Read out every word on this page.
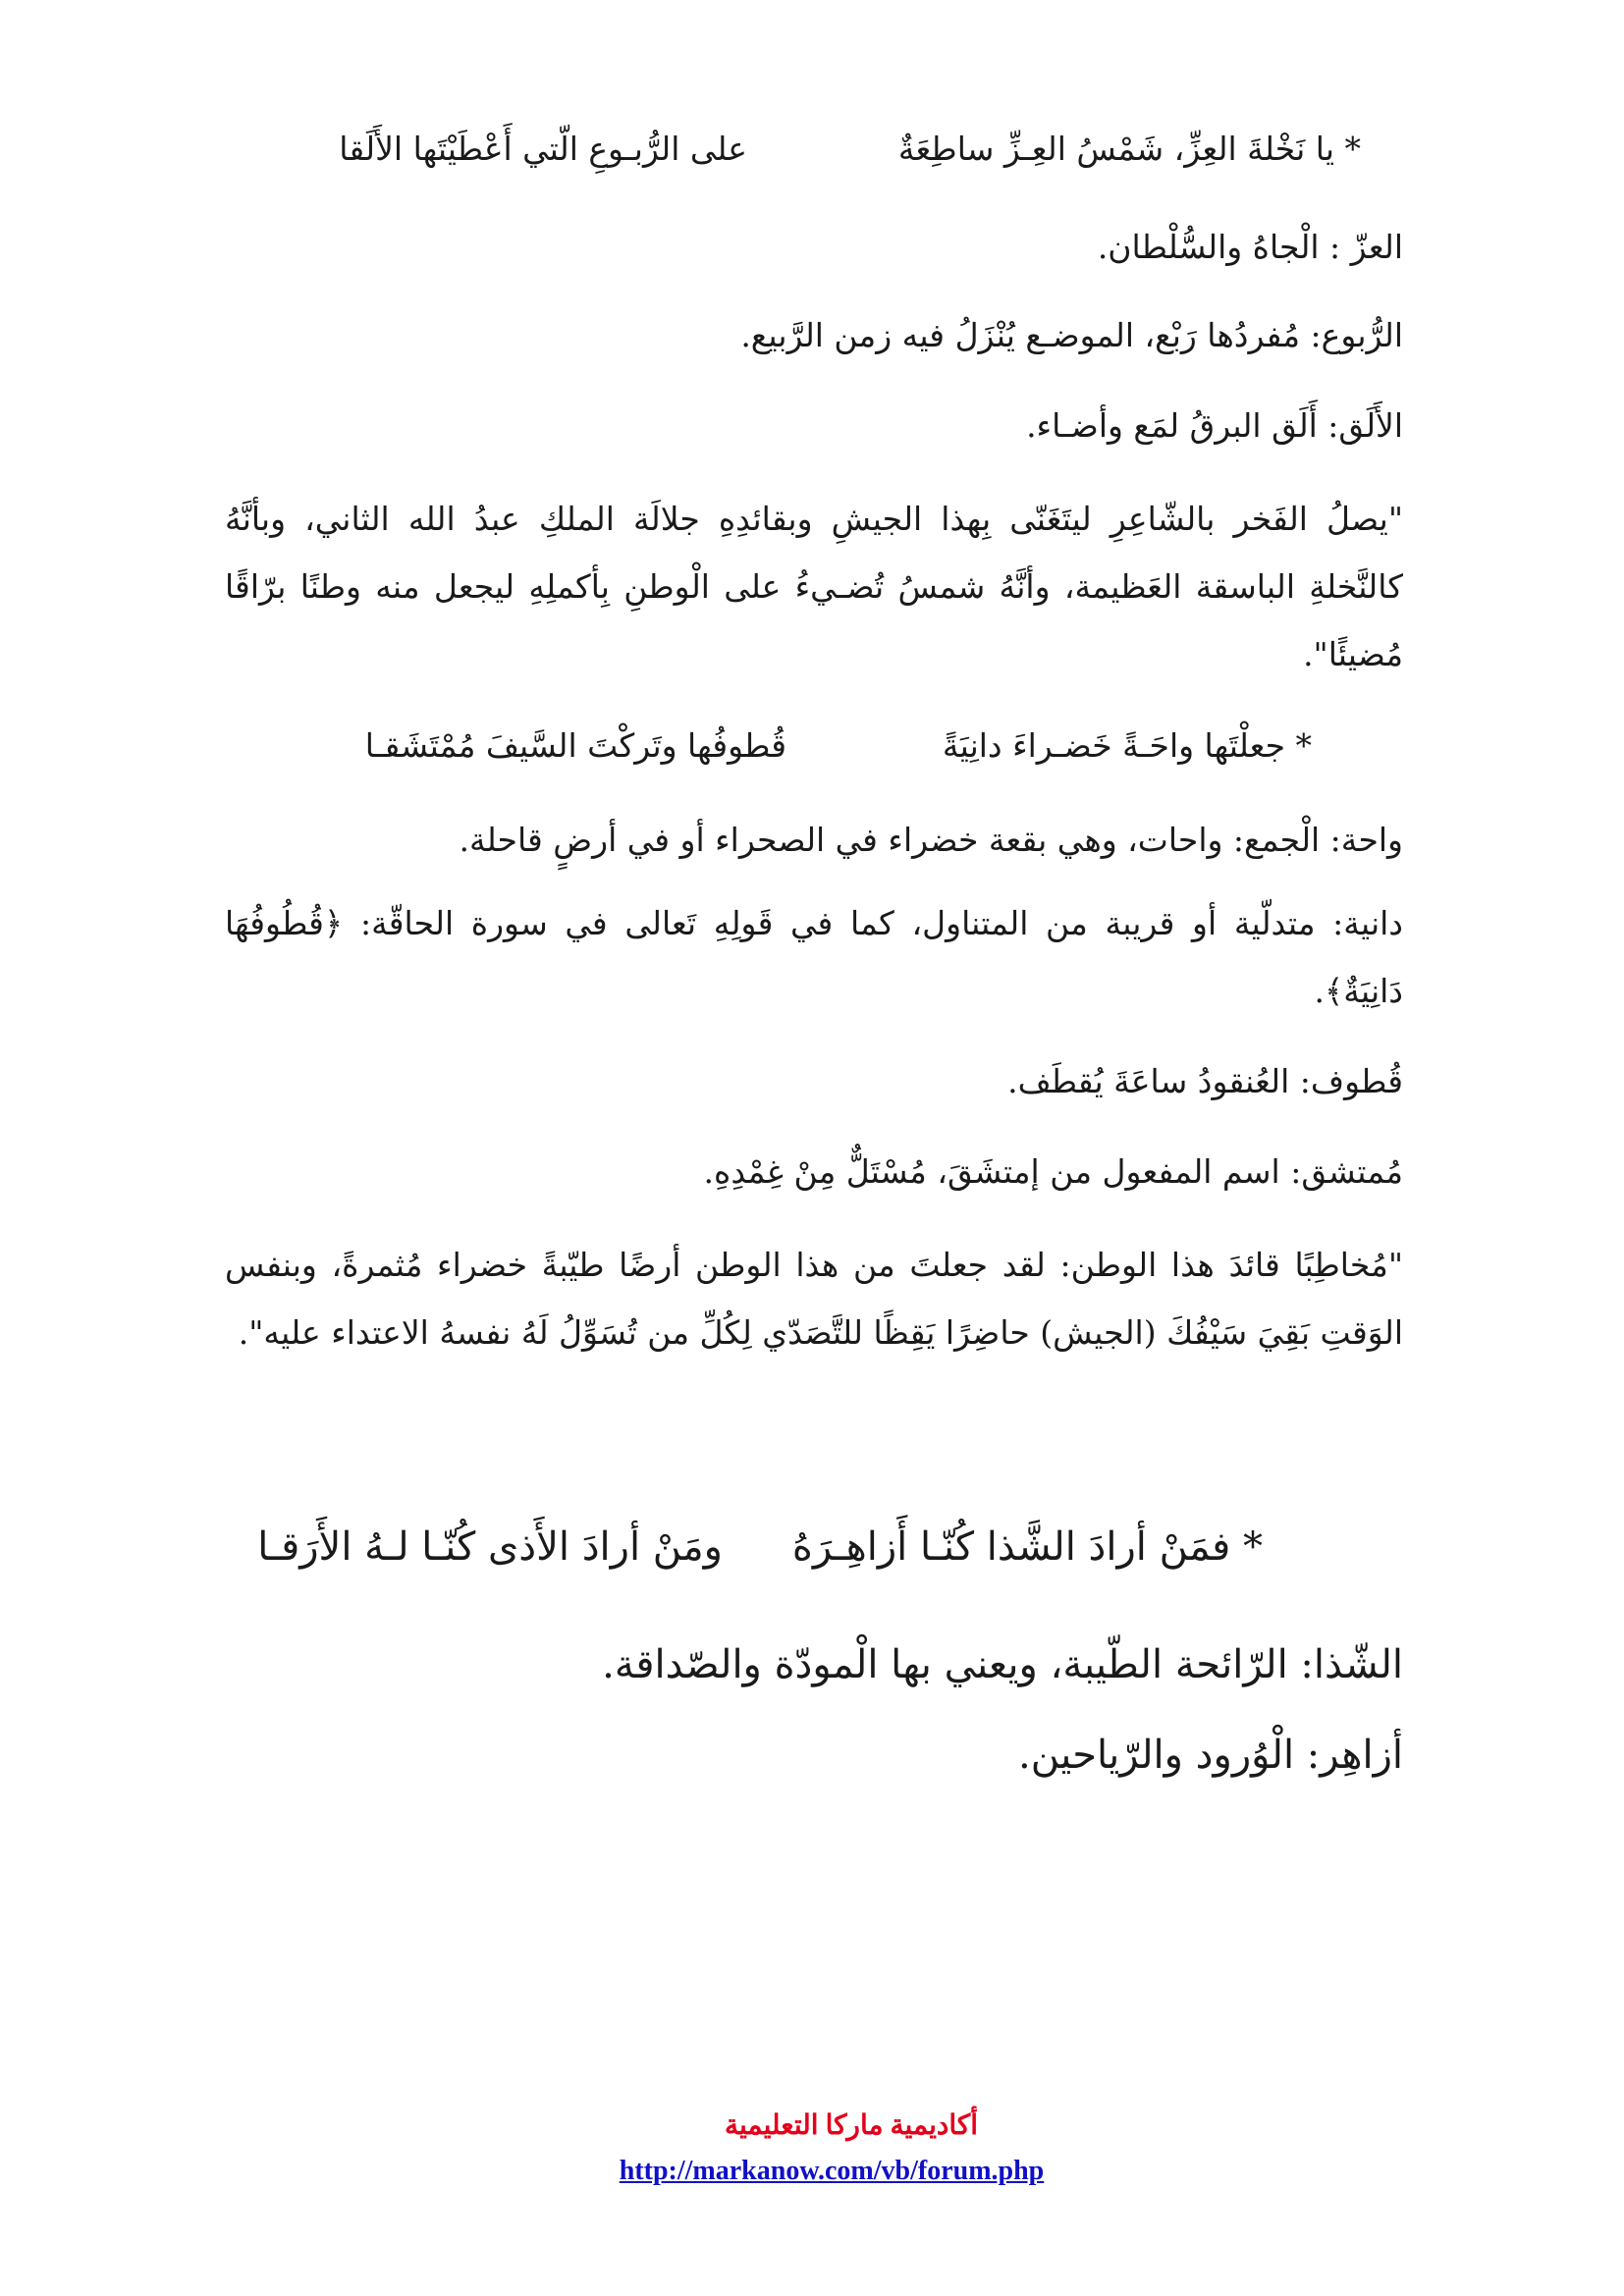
* يا نَخْلةَ العِزِّ، شَمْسُ العِـزِّ ساطِعَةٌ
على الرُّبـوعِ الّتي أَعْطَيْتَها الأَلَقا
العزّ : الْجاهُ والسُّلْطان.
الرُّبوع: مُفردُها رَبْع، الموضـع يُنْزَلُ فيه زمن الرَّبيع.
الأَلَق: أَلَق البرقُ لمَع وأضـاء.
"يصلُ الفَخر بالشّاعِرِ ليتَغَنّى بِهذا الجيشِ وبقائدِهِ جلالَة الملكِ عبدُ الله الثاني، وبأنَّهُ كالنَّخلةِ الباسقة العَظيمة، وأنَّهُ شمسُ تُضـيءُ على الْوطنِ بِأكملِهِ ليجعل منه وطنًا برّاقًا مُضيئًا".
* جعلْتَها واحَـةً خَضـراءَ دانِيَةً
قُطوفُها وتَركْتَ السَّيفَ مُمْتَشَقـا
واحة: الْجمع: واحات، وهي بقعة خضراء في الصحراء أو في أرضٍ قاحلة.
دانية: متدلّية أو قريبة من المتناول، كما في قَولِهِ تَعالى في سورة الحاقّة: ﴿قُطُوفُهَا دَانِيَةٌ﴾.
قُطوف: العُنقودُ ساعَةَ يُقطَف.
مُمتشق: اسم المفعول من إمتشَقَ، مُسْتَلٌّ مِنْ غِمْدِهِ.
"مُخاطِبًا قائدَ هذا الوطن: لقد جعلتَ من هذا الوطن أرضًا طيّبةً خضراء مُثمرةً، وبنفس الوَقتِ بَقِيَ سَيْفُكَ (الجيش) حاضِرًا يَقِظًا للتَّصَدّي لِكُلِّ من تُسَوِّلُ لَهُ نفسهُ الاعتداء عليه".
* فمَنْ أرادَ الشَّذا كُنّـا أَزاهِـرَهُ
ومَنْ أرادَ الأَذى كُنّـا لـهُ الأَرَقـا
الشّذا: الرّائحة الطّيبة، ويعني بها الْمودّة والصّداقة.
أزاهِر: الْوُرود والرّياحين.
أكاديمية ماركا التعليمية
http://markanow.com/vb/forum.php
